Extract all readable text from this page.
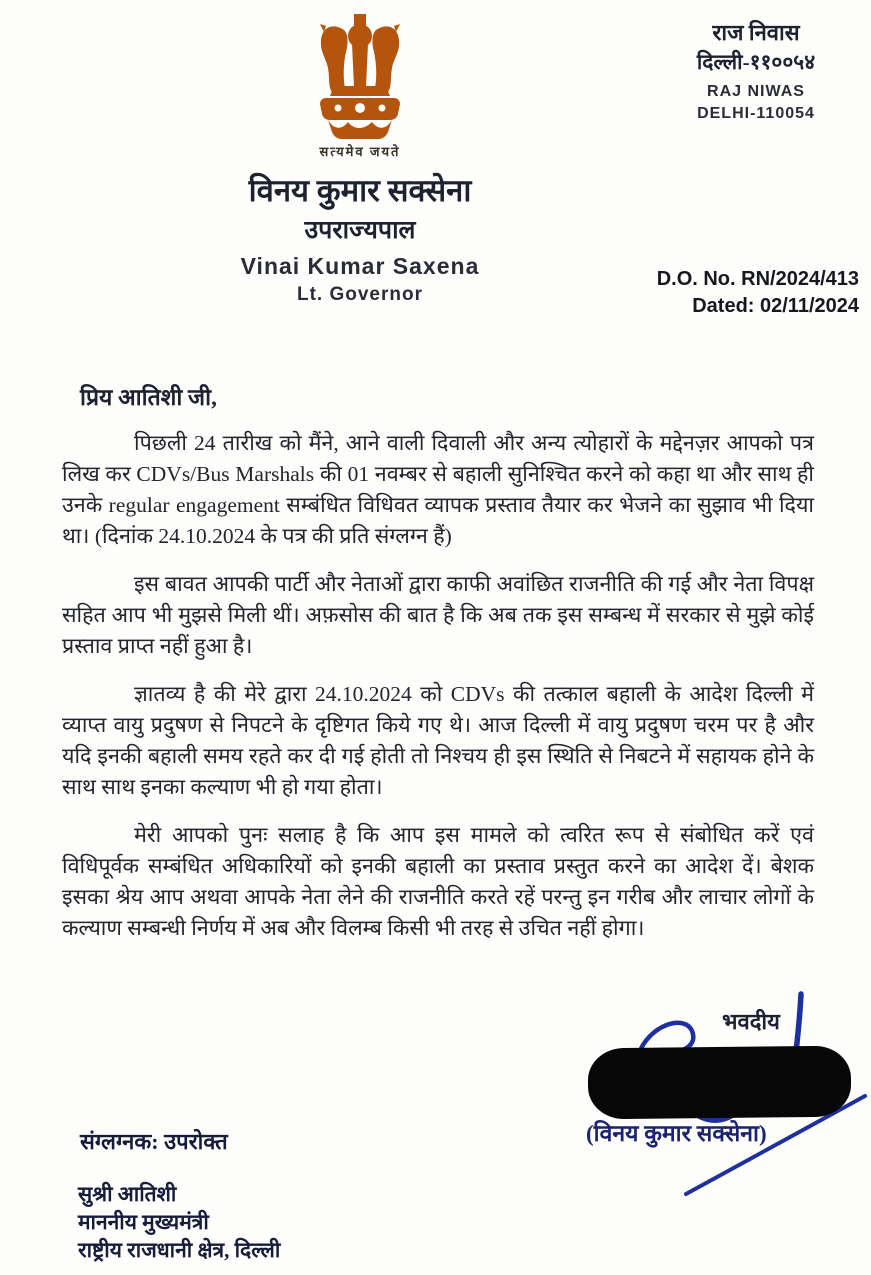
सत्यमेव जयते
विनय कुमार सक्सेना
उपराज्यपाल
Vinai Kumar Saxena
Lt. Governor
राज निवास
दिल्ली-११००५४
RAJ NIWAS
DELHI-110054
D.O. No. RN/2024/413
Dated: 02/11/2024
प्रिय आतिशी जी,

पिछली 24 तारीख को मैंने, आने वाली दिवाली और अन्य त्योहारों के मद्देनज़र आपको पत्र लिख कर CDVs/Bus Marshals की 01 नवम्बर से बहाली सुनिश्चित करने को कहा था और साथ ही उनके regular engagement सम्बंधित विधिवत व्यापक प्रस्ताव तैयार कर भेजने का सुझाव भी दिया था। (दिनांक 24.10.2024 के पत्र की प्रति संग्लग्न हैं)

इस बावत आपकी पार्टी और नेताओं द्वारा काफी अवांछित राजनीति की गई और नेता विपक्ष सहित आप भी मुझसे मिली थीं। अफ़सोस की बात है कि अब तक इस सम्बन्ध में सरकार से मुझे कोई प्रस्ताव प्राप्त नहीं हुआ है।

ज्ञातव्य है की मेरे द्वारा 24.10.2024 को CDVs की तत्काल बहाली के आदेश दिल्ली में व्याप्त वायु प्रदुषण से निपटने के दृष्टिगत किये गए थे। आज दिल्ली में वायु प्रदुषण चरम पर है और यदि इनकी बहाली समय रहते कर दी गई होती तो निश्चय ही इस स्थिति से निबटने में सहायक होने के साथ साथ इनका कल्याण भी हो गया होता।

मेरी आपको पुनः सलाह है कि आप इस मामले को त्वरित रूप से संबोधित करें एवं विधिपूर्वक सम्बंधित अधिकारियों को इनकी बहाली का प्रस्ताव प्रस्तुत करने का आदेश दें। बेशक इसका श्रेय आप अथवा आपके नेता लेने की राजनीति करते रहें परन्तु इन गरीब और लाचार लोगों के कल्याण सम्बन्धी निर्णय में अब और विलम्ब किसी भी तरह से उचित नहीं होगा।

भवदीय
(विनय कुमार सक्सेना)
संग्लग्नक: उपरोक्त
सुश्री आतिशी
माननीय मुख्यमंत्री
राष्ट्रीय राजधानी क्षेत्र, दिल्ली
